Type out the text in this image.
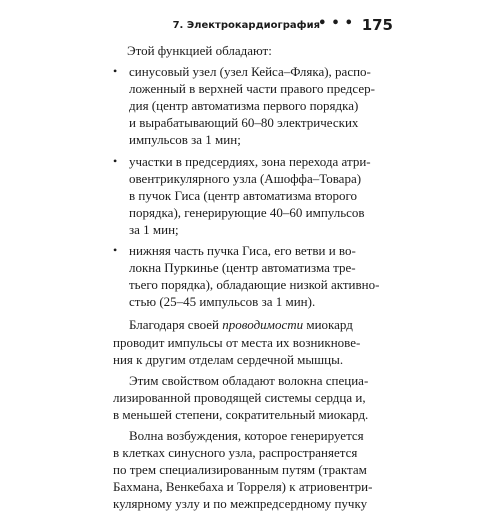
7. Электрокардиография
••• 175

Этой функцией обладают:

• синусовый узел (узел Кейса–Фляка), распо-
ложенный в верхней части правого предсер-
дия (центр автоматизма первого порядка)
и вырабатывающий 60–80 электрических
импульсов за 1 мин;
• участки в предсердиях, зона перехода атри-
овентрикулярного узла (Ашоффа–Товара)
в пучок Гиса (центр автоматизма второго
порядка), генерирующие 40–60 импульсов
за 1 мин;
• нижняя часть пучка Гиса, его ветви и во-
локна Пуркинье (центр автоматизма тре-
тьего порядка), обладающие низкой активно-
стью (25–45 импульсов за 1 мин).

Благодаря своей проводимости миокард

проводит импульсы от места их возникнове-
ния к другим отделам сердечной мышцы.

Этим свойством обладают волокна специа-
лизированной проводящей системы сердца и,
в меньшей степени, сократительный миокард.

Волна возбуждения, которое генерируется
в клетках синусного узла, распространяется
по трем специализированным путям (трактам
Бахмана, Венкебаха и Торреля) к атриовентри-
кулярному узлу и по межпредсердному пучку
